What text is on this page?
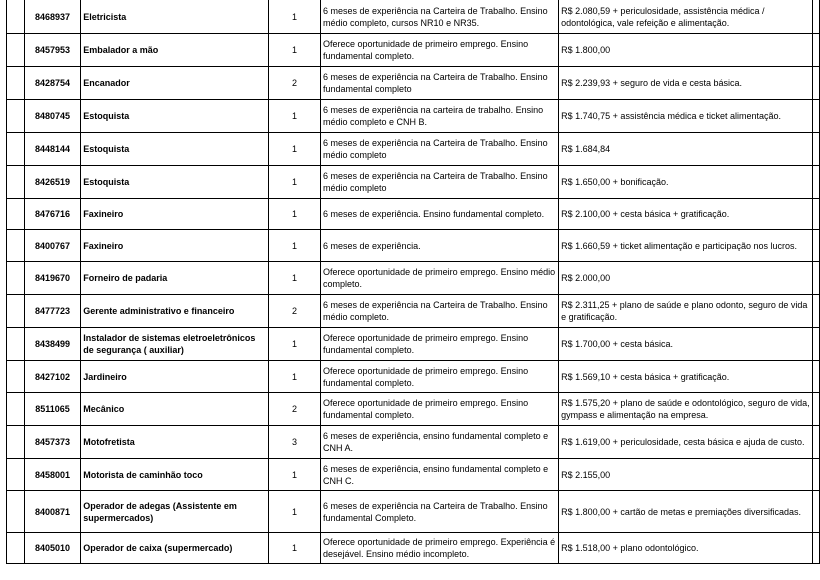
	8468937	Eletricista	1	6 meses de experiência na Carteira de Trabalho. Ensino médio completo, cursos NR10 e NR35.	R$ 2.080,59 + periculosidade, assistência médica / odontológica, vale refeição e alimentação.	
	8457953	Embalador a mão	1	Oferece oportunidade de primeiro emprego. Ensino fundamental completo.	R$ 1.800,00	
	8428754	Encanador	2	6 meses de experiência na Carteira de Trabalho. Ensino fundamental completo	R$ 2.239,93 + seguro de vida e cesta básica.	
	8480745	Estoquista	1	6 meses de experiência na carteira de trabalho. Ensino médio completo e CNH B.	R$ 1.740,75 + assistência médica e ticket alimentação.	
	8448144	Estoquista	1	6 meses de experiência na Carteira de Trabalho. Ensino médio completo	R$ 1.684,84	
	8426519	Estoquista	1	6 meses de experiência na Carteira de Trabalho. Ensino médio completo	R$ 1.650,00 + bonificação.	
	8476716	Faxineiro	1	6 meses de experiência. Ensino fundamental completo.	R$ 2.100,00 + cesta básica + gratificação.	
	8400767	Faxineiro	1	6 meses de experiência.	R$ 1.660,59 + ticket alimentação e participação nos lucros.	
	8419670	Forneiro de padaria	1	Oferece oportunidade de primeiro emprego. Ensino médio completo.	R$ 2.000,00	
	8477723	Gerente administrativo e financeiro	2	6 meses de experiência na Carteira de Trabalho. Ensino médio completo.	R$ 2.311,25 + plano de saúde e plano odonto, seguro de vida e gratificação.	
	8438499	Instalador de sistemas eletroeletrônicos de segurança ( auxiliar)	1	Oferece oportunidade de primeiro emprego. Ensino fundamental completo.	R$ 1.700,00 + cesta básica.	
	8427102	Jardineiro	1	Oferece oportunidade de primeiro emprego. Ensino fundamental completo.	R$ 1.569,10 + cesta básica + gratificação.	
	8511065	Mecânico	2	Oferece oportunidade de primeiro emprego. Ensino fundamental completo.	R$ 1.575,20 + plano de saúde e odontológico, seguro de vida, gympass e alimentação na empresa.	
	8457373	Motofretista	3	6 meses de experiência, ensino fundamental completo e CNH A.	R$ 1.619,00 + periculosidade, cesta básica e ajuda de custo.	
	8458001	Motorista de caminhão toco	1	6 meses de experiência, ensino fundamental completo e CNH C.	R$ 2.155,00	
	8400871	Operador de adegas (Assistente em supermercados)	1	6 meses de experiência na Carteira de Trabalho. Ensino fundamental Completo.	R$ 1.800,00 + cartão de metas e premiações diversificadas.	
	8405010	Operador de caixa (supermercado)	1	Oferece oportunidade de primeiro emprego. Experiência é desejável. Ensino médio incompleto.	R$ 1.518,00 + plano odontológico.	
